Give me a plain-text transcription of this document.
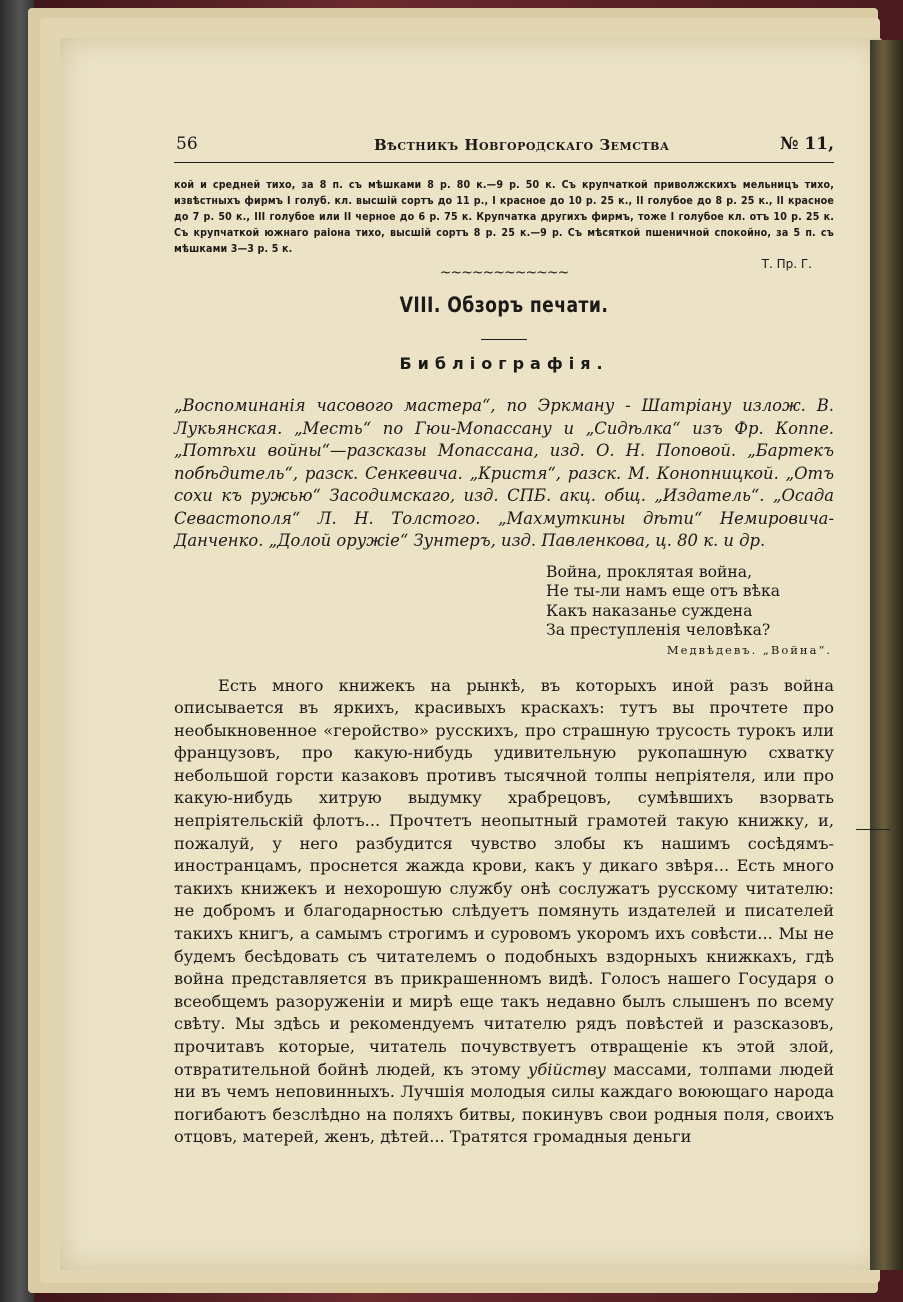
56	Вѣстникъ Новгородскаго Земства	№ 11,
кой и средней тихо, за 8 п. съ мѣшками 8 р. 80 к.—9 р. 50 к. Съ крупчаткой приволжскихъ мельницъ тихо, извѣстныхъ фирмъ I голуб. кл. высшій сортъ до 11 р., I красное до 10 р. 25 к., II голубое до 8 р. 25 к., II красное до 7 р. 50 к., III голубое или II черное до 6 р. 75 к. Крупчатка другихъ фирмъ, тоже I голубое кл. отъ 10 р. 25 к. Съ крупчаткой южнаго раіона тихо, высшій сортъ 8 р. 25 к.—9 р. Съ мѣсяткой пшеничной спокойно, за 5 п. съ мѣшками 3—3 р. 5 к.
Т. Пр. Г.
~~~~~~~~~~~~
VIII. Обзоръ печати.
Библіографія.
„Воспоминанія часового мастера“, по Эркману - Шатріану излож. В. Лукьянская. „Месть“ по Гюи-Мопассану и „Сидѣлка“ изъ Фр. Коппе. „Потѣхи войны“—разсказы Мопассана, изд. О. Н. Поповой. „Бартекъ побѣдитель“, разск. Сенкевича. „Кристя“, разск. М. Конопницкой. „Отъ сохи къ ружью“ Засодимскаго, изд. СПБ. акц. общ. „Издатель“. „Осада Севастополя“ Л. Н. Толстого. „Махмуткины дѣти“ Немировича-Данченко. „Долой оружіе“ Зунтеръ, изд. Павленкова, ц. 80 к. и др.
Война, проклятая война,
Не ты-ли намъ еще отъ вѣка
Какъ наказанье суждена
За преступленія человѣка?
Медвѣдевъ. „Война“.
Есть много книжекъ на рынкѣ, въ которыхъ иной разъ война описывается въ яркихъ, красивыхъ краскахъ: тутъ вы прочтете про необыкновенное «геройство» русскихъ, про страшную трусость турокъ или французовъ, про какую-нибудь удивительную рукопашную схватку небольшой горсти казаковъ противъ тысячной толпы непріятеля, или про какую-нибудь хитрую выдумку храбрецовъ, сумѣвшихъ взорвать непріятельскій флотъ... Прочтетъ неопытный грамотей такую книжку, и, пожалуй, у него разбудится чувство злобы къ нашимъ сосѣдямъ-иностранцамъ, проснется жажда крови, какъ у дикаго звѣря... Есть много такихъ книжекъ и нехорошую службу онѣ сослужатъ русскому читателю: не добромъ и благодарностью слѣдуетъ помянуть издателей и писателей такихъ книгъ, а самымъ строгимъ и суровомъ укоромъ ихъ совѣсти... Мы не будемъ бесѣдовать съ читателемъ о подобныхъ вздорныхъ книжкахъ, гдѣ война представляется въ прикрашенномъ видѣ. Голосъ нашего Государя о всеобщемъ разоруженіи и мирѣ еще такъ недавно былъ слышенъ по всему свѣту. Мы здѣсь и рекомендуемъ читателю рядъ повѣстей и разсказовъ, прочитавъ которые, читатель почувствуетъ отвращеніе къ этой злой, отвратительной бойнѣ людей, къ этому убійству массами, толпами людей ни въ чемъ неповинныхъ. Лучшія молодыя силы каждаго воюющаго народа погибаютъ безслѣдно на поляхъ битвы, покинувъ свои родныя поля, своихъ отцовъ, матерей, женъ, дѣтей... Тратятся громадныя деньги
